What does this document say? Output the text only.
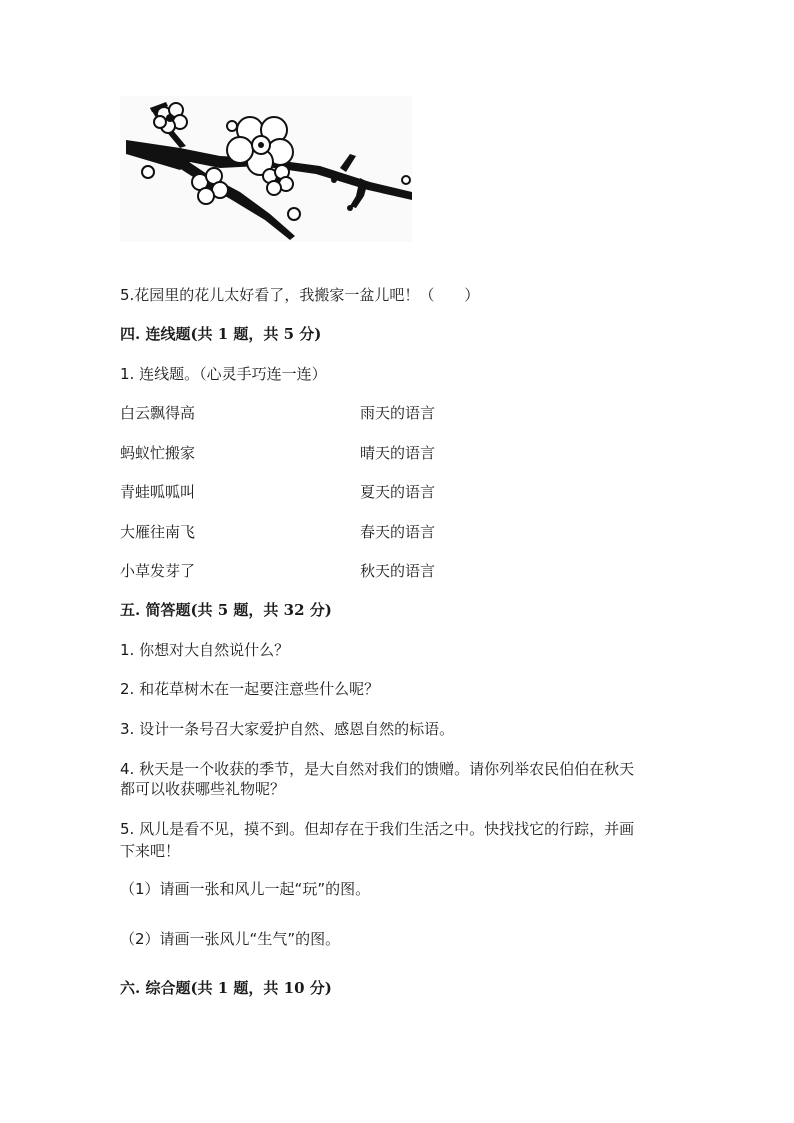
5.花园里的花儿太好看了，我搬家一盆儿吧！（　　）
四. 连线题(共 1 题，共 5 分)
1. 连线题。（心灵手巧连一连）
白云飘得高	雨天的语言
蚂蚁忙搬家	晴天的语言
青蛙呱呱叫	夏天的语言
大雁往南飞	春天的语言
小草发芽了	秋天的语言
五. 简答题(共 5 题，共 32 分)
1. 你想对大自然说什么？
2. 和花草树木在一起要注意些什么呢？
3. 设计一条号召大家爱护自然、感恩自然的标语。
4. 秋天是一个收获的季节，是大自然对我们的馈赠。请你列举农民伯伯在秋天
都可以收获哪些礼物呢？
5. 风儿是看不见，摸不到。但却存在于我们生活之中。快找找它的行踪，并画
下来吧！
（1）请画一张和风儿一起“玩”的图。
（2）请画一张风儿“生气”的图。
六. 综合题(共 1 题，共 10 分)
